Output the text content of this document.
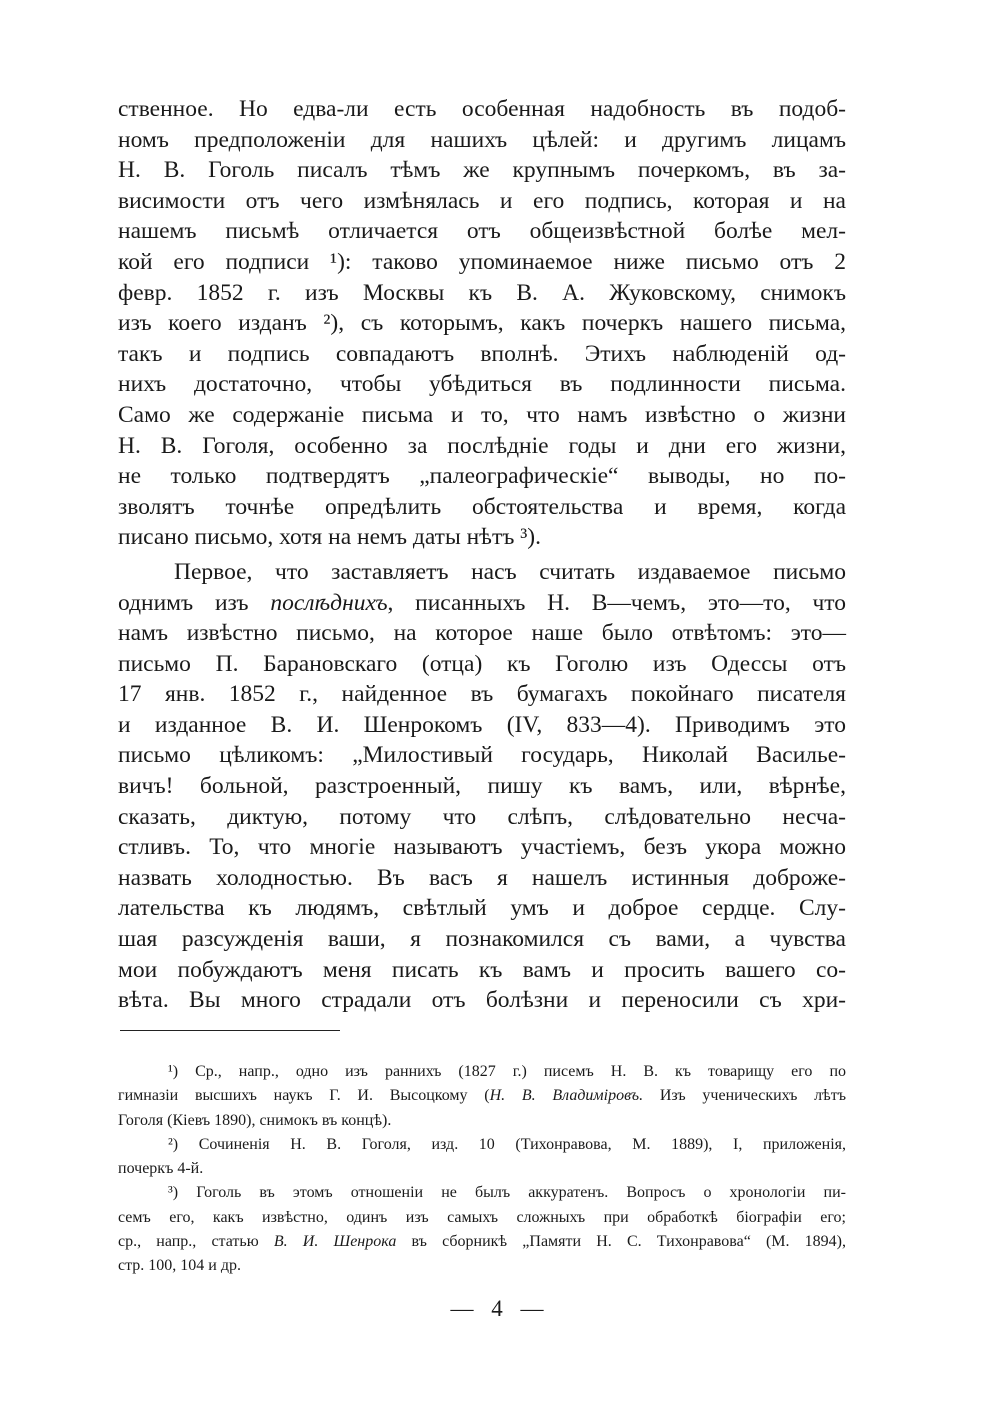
ственное. Но едва-ли есть особенная надобность въ подоб-
номъ предположенiи для нашихъ цѣлей: и другимъ лицамъ
Н. В. Гоголь писалъ тѣмъ же крупнымъ почеркомъ, въ за-
висимости отъ чего измѣнялась и его подпись, которая и на
нашемъ письмѣ отличается отъ общеизвѣстной болѣе мел-
кой его подписи ¹): таково упоминаемое ниже письмо отъ 2
февр. 1852 г. изъ Москвы къ В. А. Жуковскому, снимокъ
изъ коего изданъ ²), съ которымъ, какъ почеркъ нашего письма,
такъ и подпись совпадаютъ вполнѣ. Этихъ наблюденiй од-
нихъ достаточно, чтобы убѣдиться въ подлинности письма.
Само же содержанiе письма и то, что намъ извѣстно о жизни
Н. В. Гоголя, особенно за послѣднiе годы и дни его жизни,
не только подтвердятъ „палеографическiе“ выводы, но по-
зволятъ точнѣе опредѣлить обстоятельства и время, когда
писано письмо, хотя на немъ даты нѣтъ ³).
Первое, что заставляетъ насъ считать издаваемое письмо
однимъ изъ послѣднихъ, писанныхъ Н. В—чемъ, это—то, что
намъ извѣстно письмо, на которое наше было отвѣтомъ: это—
письмо П. Барановскаго (отца) къ Гоголю изъ Одессы отъ
17 янв. 1852 г., найденное въ бумагахъ покойнаго писателя
и изданное В. И. Шенрокомъ (IV, 833—4). Приводимъ это
письмо цѣликомъ: „Милостивый государь, Николай Василье-
вичъ! больной, разстроенный, пишу къ вамъ, или, вѣрнѣе,
сказать, диктую, потому что слѣпъ, слѣдовательно несча-
стливъ. То, что многiе называютъ участiемъ, безъ укора можно
назвать холодностью. Въ васъ я нашелъ истинныя доброже-
лательства къ людямъ, свѣтлый умъ и доброе сердце. Слу-
шая разсужденiя ваши, я познакомился съ вами, а чувства
мои побуждаютъ меня писать къ вамъ и просить вашего со-
вѣта. Вы много страдали отъ болѣзни и переносили съ хри-
¹) Ср., напр., одно изъ раннихъ (1827 г.) писемъ Н. В. къ товарищу его по
гимназiи высшихъ наукъ Г. И. Высоцкому (Н. В. Владимiровъ. Изъ ученическихъ лѣтъ
Гоголя (Кiевъ 1890), снимокъ въ концѣ).
²) Сочиненiя Н. В. Гоголя, изд. 10 (Тихонравова, М. 1889), I, приложенiя,
почеркъ 4-й.
³) Гоголь въ этомъ отношенiи не былъ аккуратенъ. Вопросъ о хронологiи пи-
семъ его, какъ извѣстно, одинъ изъ самыхъ сложныхъ при обработкѣ бiографiи его;
ср., напр., статью В. И. Шенрока въ сборникѣ „Памяти Н. С. Тихонравова“ (М. 1894),
стр. 100, 104 и др.
— 4 —
